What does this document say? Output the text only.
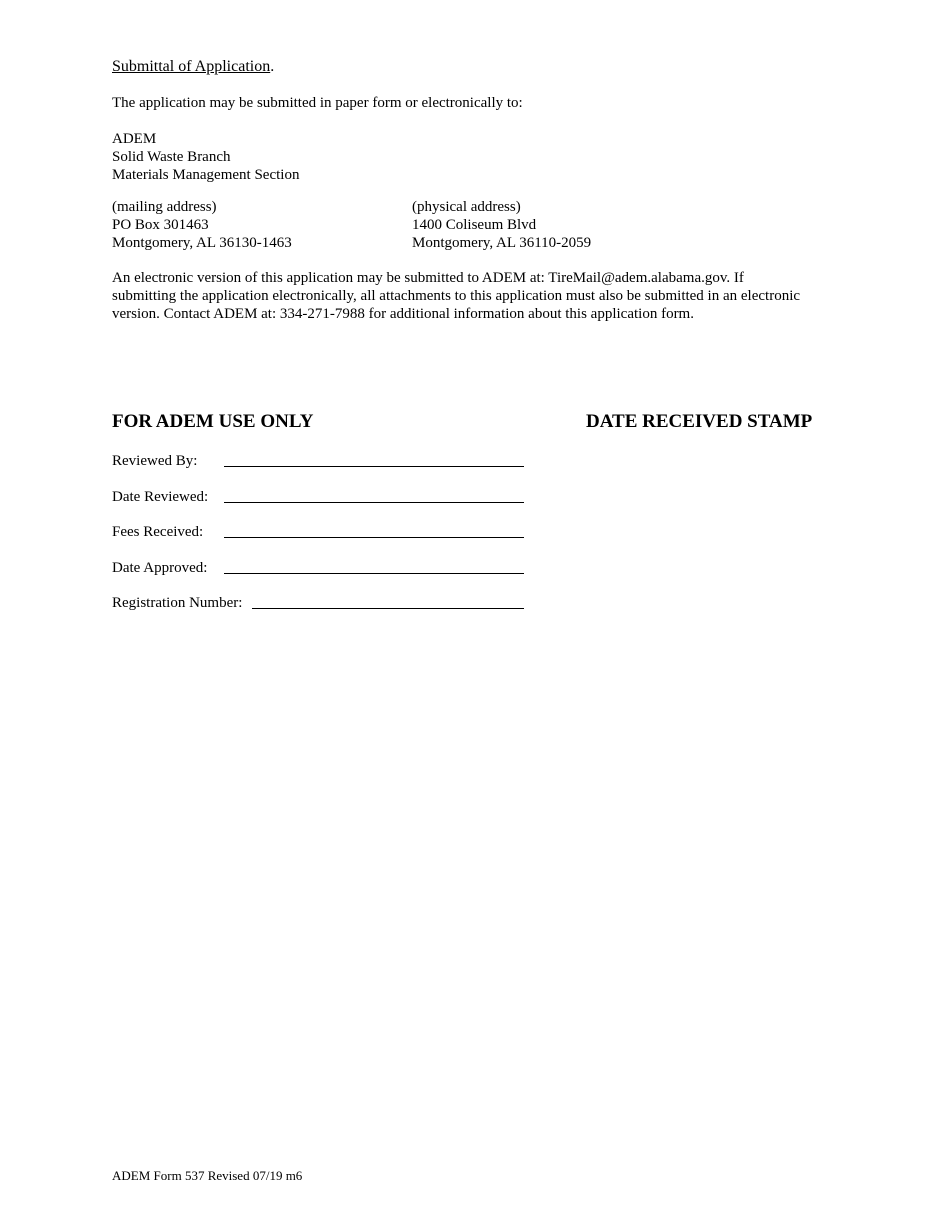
Submittal of Application.
The application may be submitted in paper form or electronically to:
ADEM
Solid Waste Branch
Materials Management Section
(mailing address)
PO Box 301463
Montgomery, AL 36130-1463
(physical address)
1400 Coliseum Blvd
Montgomery, AL 36110-2059
An electronic version of this application may be submitted to ADEM at: TireMail@adem.alabama.gov. If
submitting the application electronically, all attachments to this application must also be submitted in an electronic
version. Contact ADEM at: 334-271-7988 for additional information about this application form.
FOR ADEM USE ONLY	DATE RECEIVED STAMP
Reviewed By:
Date Reviewed:
Fees Received:
Date Approved:
Registration Number:
ADEM Form 537 Revised 07/19 m6
